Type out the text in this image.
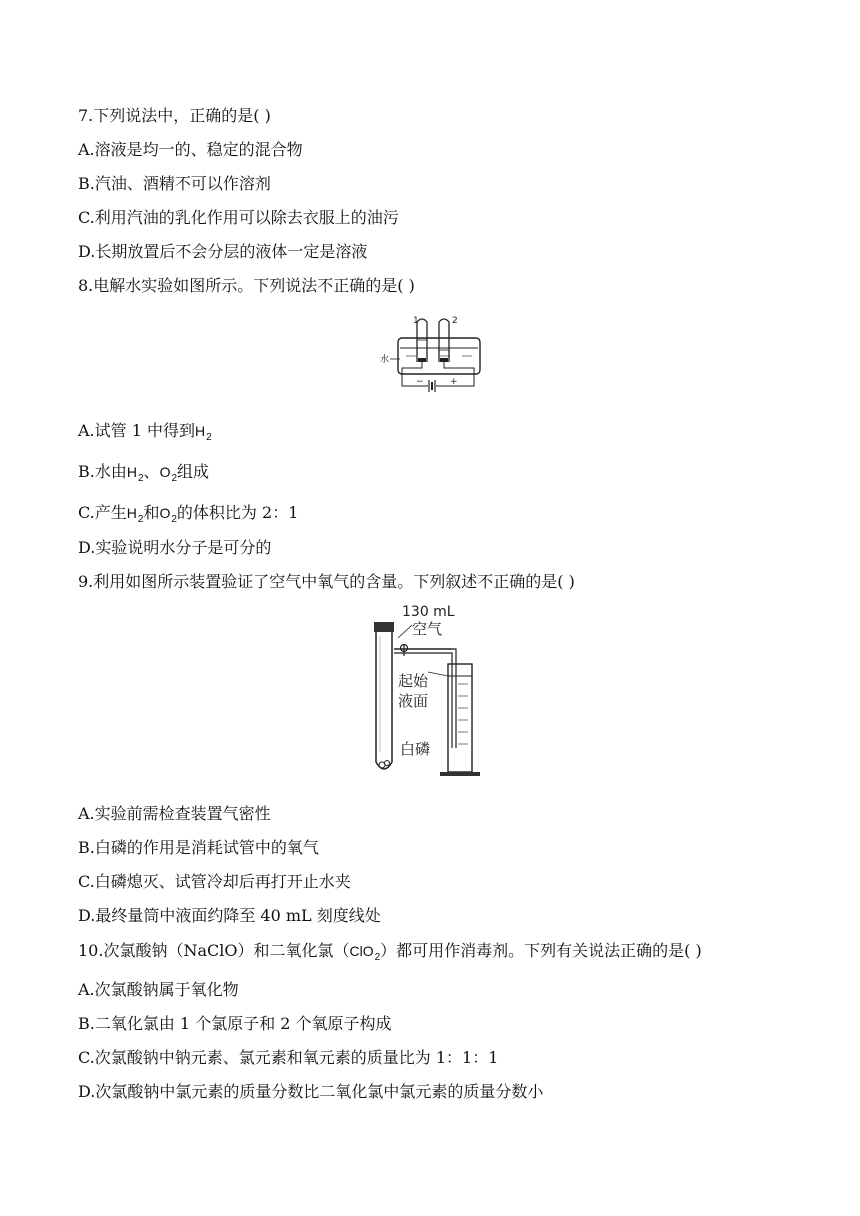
7.下列说法中，正确的是( )
A.溶液是均一的、稳定的混合物
B.汽油、酒精不可以作溶剂
C.利用汽油的乳化作用可以除去衣服上的油污
D.长期放置后不会分层的液体一定是溶液
8.电解水实验如图所示。下列说法不正确的是( )
1	2
水
−	+
A.试管 1 中得到$H_2$
B.水由$H_2$、$O_2$组成
C.产生$H_2$和$O_2$的体积比为 2：1
D.实验说明水分子是可分的
9.利用如图所示装置验证了空气中氧气的含量。下列叙述不正确的是( )
130 mL
空气
起始
液面
白磷
A.实验前需检查装置气密性
B.白磷的作用是消耗试管中的氧气
C.白磷熄灭、试管冷却后再打开止水夹
D.最终量筒中液面约降至 40 mL 刻度线处
10.次氯酸钠（NaClO）和二氧化氯（ClO$_2$）都可用作消毒剂。下列有关说法正确的是( )
A.次氯酸钠属于氧化物
B.二氧化氯由 1 个氯原子和 2 个氧原子构成
C.次氯酸钠中钠元素、氯元素和氧元素的质量比为 1：1：1
D.次氯酸钠中氯元素的质量分数比二氧化氯中氯元素的质量分数小
